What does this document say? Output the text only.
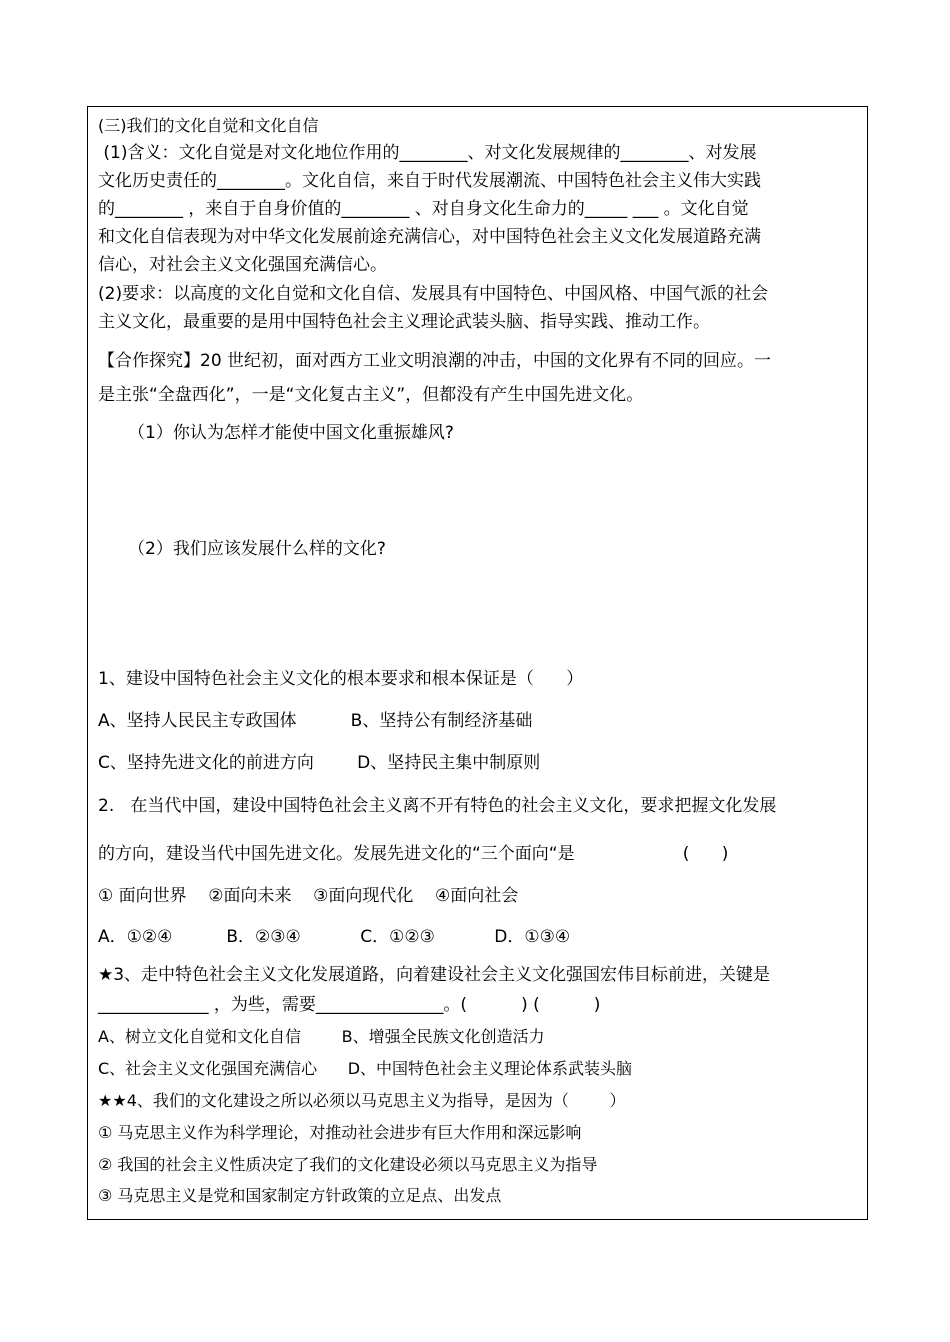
(三)我们的文化自觉和文化自信
(1)含义：文化自觉是对文化地位作用的________、对文化发展规律的________、对发展
文化历史责任的________。文化自信，来自于时代发展潮流、中国特色社会主义伟大实践
的________ ，来自于自身价值的________ 、对自身文化生命力的_____ ___ 。文化自觉
和文化自信表现为对中华文化发展前途充满信心，对中国特色社会主义文化发展道路充满
信心，对社会主义文化强国充满信心。
(2)要求：以高度的文化自觉和文化自信、发展具有中国特色、中国风格、中国气派的社会
主义文化，最重要的是用中国特色社会主义理论武装头脑、指导实践、推动工作。
【合作探究】20 世纪初，面对西方工业文明浪潮的冲击，中国的文化界有不同的回应。一
是主张“全盘西化”，一是“文化复古主义”，但都没有产生中国先进文化。
（1）你认为怎样才能使中国文化重振雄风?
（2）我们应该发展什么样的文化?
1、建设中国特色社会主义文化的根本要求和根本保证是（      ）
A、坚持人民民主专政国体          B、坚持公有制经济基础
C、坚持先进文化的前进方向        D、坚持民主集中制原则
2.   在当代中国，建设中国特色社会主义离不开有特色的社会主义文化，要求把握文化发展
的方向，建设当代中国先进文化。发展先进文化的“三个面向“是                    (      )
① 面向世界    ②面向未来    ③面向现代化    ④面向社会
A．①②④          B．②③④           C．①②③           D．①③④
★3、走中特色社会主义文化发展道路，向着建设社会主义文化强国宏伟目标前进，关键是
_____________ ，为些，需要_______________。(          ) (          )
A、树立文化自觉和文化自信        B、增强全民族文化创造活力
C、社会主义文化强国充满信心      D、中国特色社会主义理论体系武装头脑
★★4、我们的文化建设之所以必须以马克思主义为指导，是因为（        ）
① 马克思主义作为科学理论，对推动社会进步有巨大作用和深远影响
② 我国的社会主义性质决定了我们的文化建设必须以马克思主义为指导
③ 马克思主义是党和国家制定方针政策的立足点、出发点
